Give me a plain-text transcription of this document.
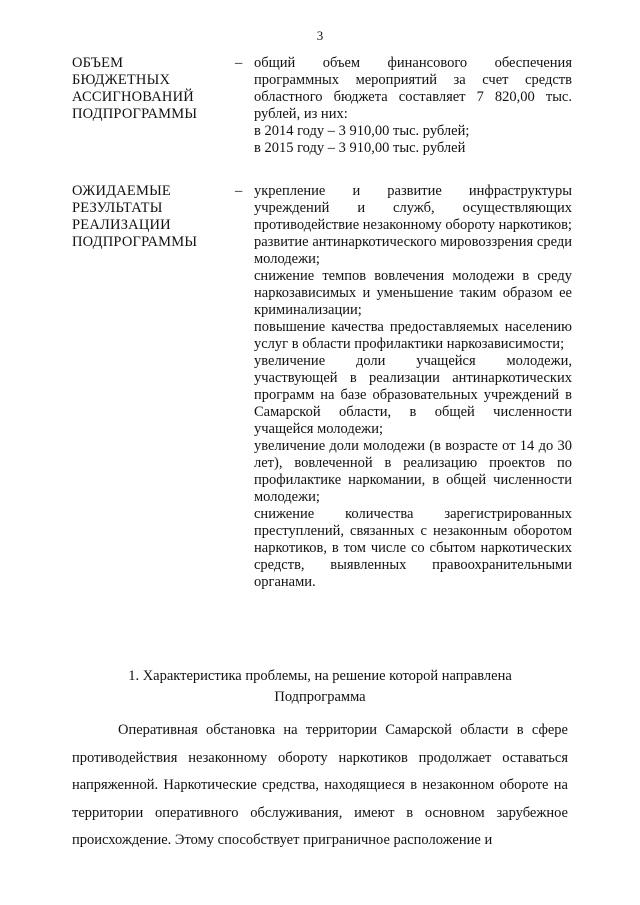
3
ОБЪЕМ
БЮДЖЕТНЫХ
АССИГНОВАНИЙ
ПОДПРОГРАММЫ
– общий объем финансового обеспечения программных мероприятий за счет средств областного бюджета составляет 7 820,00 тыс. рублей, из них:
в 2014 году – 3 910,00 тыс. рублей;
в 2015 году – 3 910,00 тыс. рублей
ОЖИДАЕМЫЕ
РЕЗУЛЬТАТЫ
РЕАЛИЗАЦИИ
ПОДПРОГРАММЫ
– укрепление и развитие инфраструктуры учреждений и служб, осуществляющих противодействие незаконному обороту наркотиков;
развитие антинаркотического мировоззрения среди молодежи;
снижение темпов вовлечения молодежи в среду наркозависимых и уменьшение таким образом ее криминализации;
повышение качества предоставляемых населению услуг в области профилактики наркозависимости;
увеличение доли учащейся молодежи, участвующей в реализации антинаркотических программ на базе образовательных учреждений в Самарской области, в общей численности учащейся молодежи;
увеличение доли молодежи (в возрасте от 14 до 30 лет), вовлеченной в реализацию проектов по профилактике наркомании, в общей численности молодежи;
снижение количества зарегистрированных преступлений, связанных с незаконным оборотом наркотиков, в том числе со сбытом наркотических средств, выявленных правоохранительными органами.
1. Характеристика проблемы, на решение которой направлена
Подпрограмма
Оперативная обстановка на территории Самарской области в сфере противодействия незаконному обороту наркотиков продолжает оставаться напряженной. Наркотические средства, находящиеся в незаконном обороте на территории оперативного обслуживания, имеют в основном зарубежное происхождение. Этому способствует приграничное расположение и
